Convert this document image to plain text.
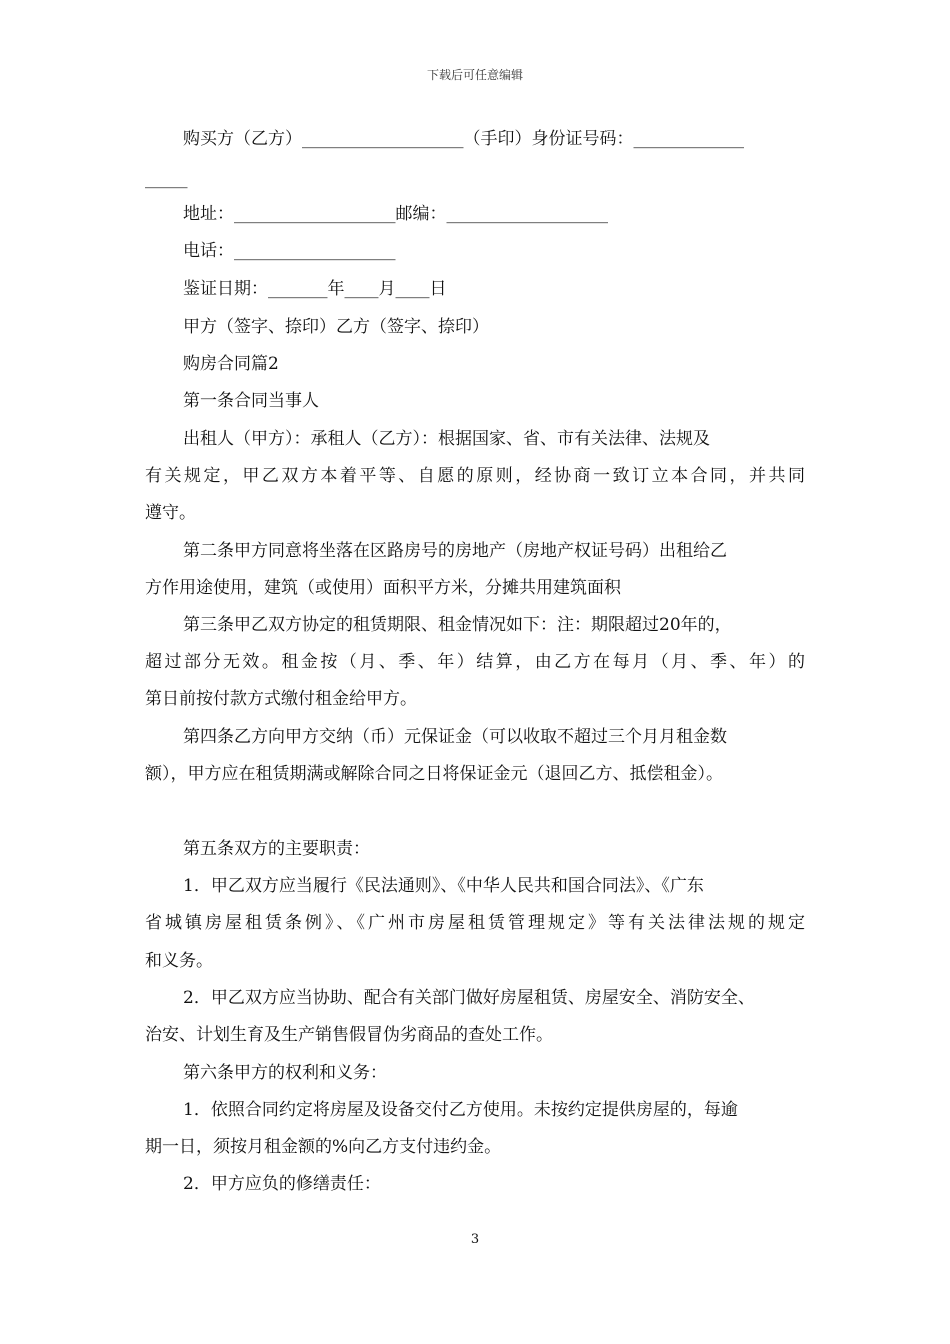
下载后可任意编辑
购买方（乙方）___________________（手印）身份证号码：_____________
_____
地址：___________________邮编：___________________
电话：___________________
鉴证日期：_______年____月____日
甲方（签字、捺印）乙方（签字、捺印）
购房合同篇2
第一条合同当事人
出租人（甲方）：承租人（乙方）：根据国家、省、市有关法律、法规及
有关规定，甲乙双方本着平等、自愿的原则，经协商一致订立本合同，并共同
遵守。
第二条甲方同意将坐落在区路房号的房地产（房地产权证号码）出租给乙
方作用途使用，建筑（或使用）面积平方米，分摊共用建筑面积
第三条甲乙双方协定的租赁期限、租金情况如下：注：期限超过20年的，
超过部分无效。租金按（月、季、年）结算，由乙方在每月（月、季、年）的
第日前按付款方式缴付租金给甲方。
第四条乙方向甲方交纳（币）元保证金（可以收取不超过三个月月租金数
额），甲方应在租赁期满或解除合同之日将保证金元（退回乙方、抵偿租金）。
第五条双方的主要职责：
1．甲乙双方应当履行《民法通则》、《中华人民共和国合同法》、《广东
省城镇房屋租赁条例》、《广州市房屋租赁管理规定》等有关法律法规的规定
和义务。
2．甲乙双方应当协助、配合有关部门做好房屋租赁、房屋安全、消防安全、
治安、计划生育及生产销售假冒伪劣商品的查处工作。
第六条甲方的权利和义务：
1．依照合同约定将房屋及设备交付乙方使用。未按约定提供房屋的，每逾
期一日，须按月租金额的%向乙方支付违约金。
2．甲方应负的修缮责任：
3
